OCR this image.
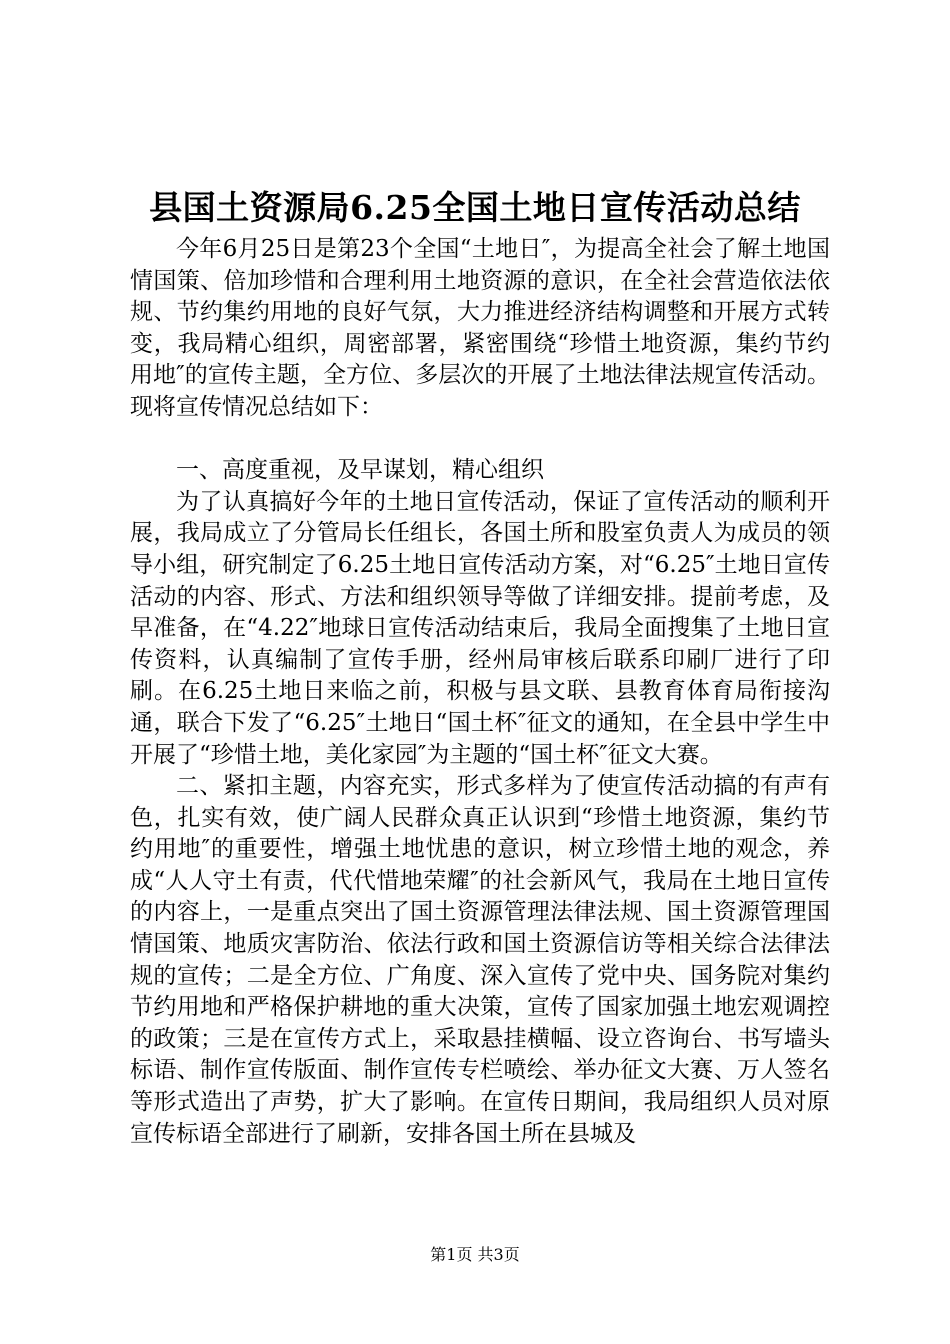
县国土资源局6.25全国土地日宣传活动总结

今年6月25日是第23个全国“土地日″，为提高全社会了解土地国情国策、倍加珍惜和合理利用土地资源的意识，在全社会营造依法依规、节约集约用地的良好气氛，大力推进经济结构调整和开展方式转变，我局精心组织，周密部署，紧密围绕“珍惜土地资源，集约节约用地″的宣传主题，全方位、多层次的开展了土地法律法规宣传活动。现将宣传情况总结如下：

一、高度重视，及早谋划，精心组织

为了认真搞好今年的土地日宣传活动，保证了宣传活动的顺利开展，我局成立了分管局长任组长，各国土所和股室负责人为成员的领导小组，研究制定了6.25土地日宣传活动方案，对“6.25″土地日宣传活动的内容、形式、方法和组织领导等做了详细安排。提前考虑，及早准备，在“4.22″地球日宣传活动结束后，我局全面搜集了土地日宣传资料，认真编制了宣传手册，经州局审核后联系印刷厂进行了印刷。在6.25土地日来临之前，积极与县文联、县教育体育局衔接沟通，联合下发了“6.25″土地日“国土杯″征文的通知，在全县中学生中开展了“珍惜土地，美化家园″为主题的“国土杯″征文大赛。

二、紧扣主题，内容充实，形式多样为了使宣传活动搞的有声有色，扎实有效，使广阔人民群众真正认识到“珍惜土地资源，集约节约用地″的重要性，增强土地忧患的意识，树立珍惜土地的观念，养成“人人守土有责，代代惜地荣耀″的社会新风气，我局在土地日宣传的内容上，一是重点突出了国土资源管理法律法规、国土资源管理国情国策、地质灾害防治、依法行政和国土资源信访等相关综合法律法规的宣传；二是全方位、广角度、深入宣传了党中央、国务院对集约节约用地和严格保护耕地的重大决策，宣传了国家加强土地宏观调控的政策；三是在宣传方式上，采取悬挂横幅、设立咨询台、书写墙头标语、制作宣传版面、制作宣传专栏喷绘、举办征文大赛、万人签名等形式造出了声势，扩大了影响。在宣传日期间，我局组织人员对原宣传标语全部进行了刷新，安排各国土所在县城及

第1页 共3页
